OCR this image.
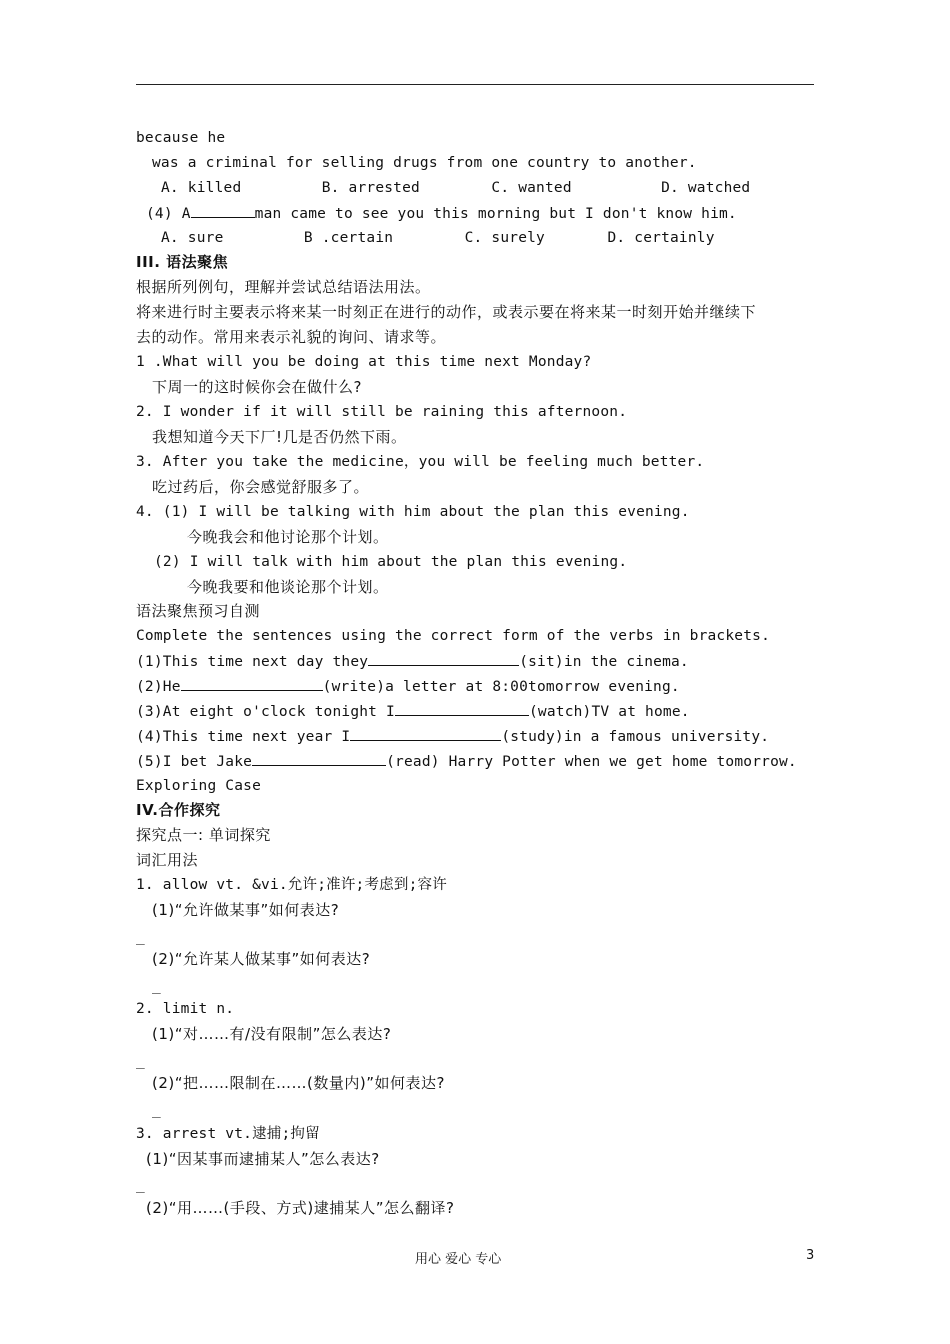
because he
was a criminal for selling drugs from one country to another.
A. killed         B. arrested        C. wanted          D. watched
(4) A	man came to see you this morning but I don't know him.
A. sure         B .certain        C. surely       D. certainly
III. 语法聚焦
根据所列例句，理解并尝试总结语法用法。
将来进行时主要表示将来某一时刻正在进行的动作，或表示要在将来某一时刻开始并继续下
去的动作。常用来表示礼貌的询问、请求等。
1 .What will you be doing at this time next Monday?
下周一的这时候你会在做什么?
2. I wonder if it will still be raining this afternoon.
我想知道今天下厂!几是否仍然下雨。
3. After you take the medicine，you will be feeling much better.
吃过药后，你会感觉舒服多了。
4. (1) I will be talking with him about the plan this evening.
今晚我会和他讨论那个计划。
(2) I will talk with him about the plan this evening.
今晚我要和他谈论那个计划。
语法聚焦预习自测
Complete the sentences using the correct form of the verbs in brackets.
(1)This time next day they	(sit)in the cinema.
(2)He	(write)a letter at 8:00tomorrow evening.
(3)At eight o'clock tonight I	(watch)TV at home.
(4)This time next year I	(study)in a famous university.
(5)I bet Jake	(read) Harry Potter when we get home tomorrow.
Exploring Case
IV.合作探究
探究点一: 单词探究
词汇用法
1. allow vt. &vi.允许;准许;考虑到;容许
(1)“允许做某事”如何表达?
_
(2)“允许某人做某事”如何表达?
_
2. limit n.
(1)“对……有/没有限制”怎么表达?
_
(2)“把……限制在……(数量内)”如何表达?
_
3. arrest vt.逮捕;拘留
(1)“因某事而逮捕某人”怎么表达?
_
(2)“用……(手段、方式)逮捕某人”怎么翻译?
用心 爱心 专心	3
